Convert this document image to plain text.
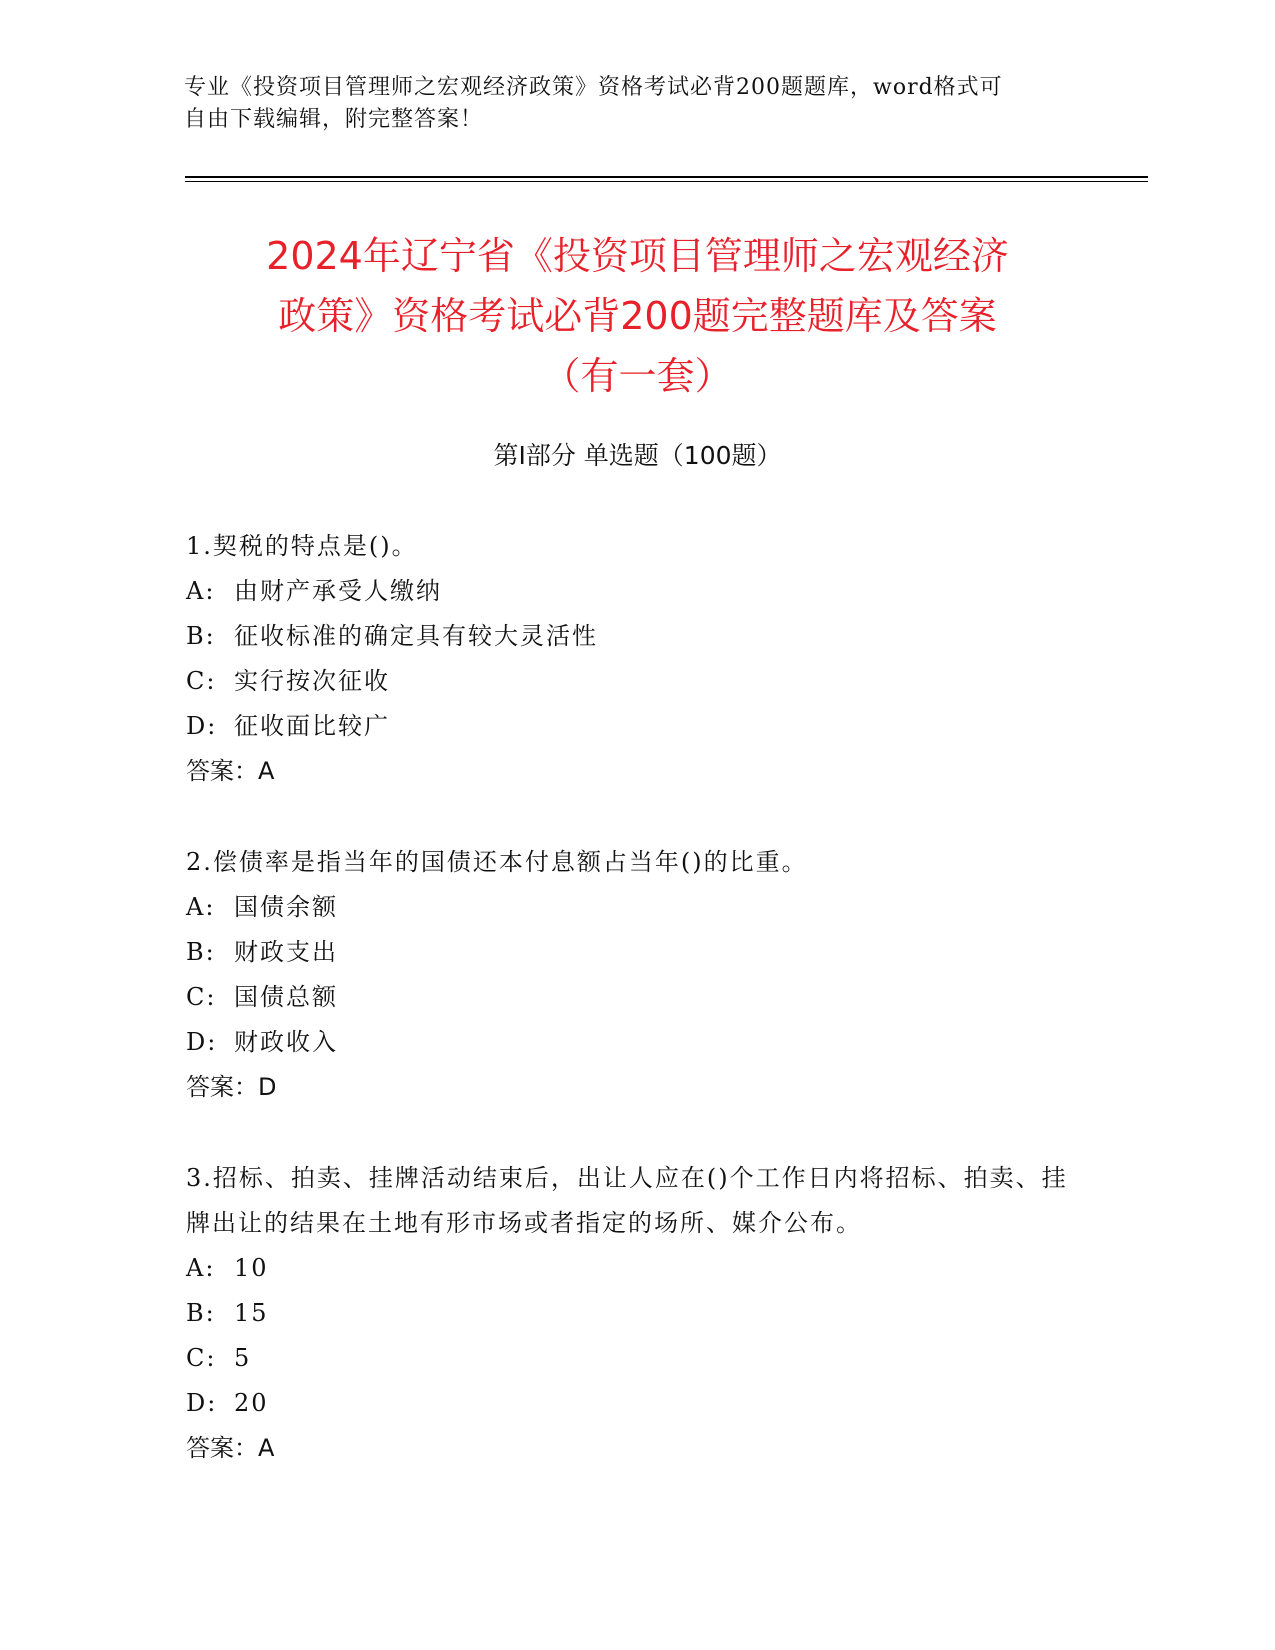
专业《投资项目管理师之宏观经济政策》资格考试必背200题题库，word格式可

自由下载编辑，附完整答案！

2024年辽宁省《投资项目管理师之宏观经济
政策》资格考试必背200题完整题库及答案
（有一套）
第Ⅰ部分 单选题（100题）

1.契税的特点是()。

A: 由财产承受人缴纳

B: 征收标准的确定具有较大灵活性

C: 实行按次征收

D: 征收面比较广

答案：A

2.偿债率是指当年的国债还本付息额占当年()的比重。

A: 国债余额

B: 财政支出

C: 国债总额

D: 财政收入

答案：D

3.招标、拍卖、挂牌活动结束后，出让人应在()个工作日内将招标、拍卖、挂牌出让的结果在土地有形市场或者指定的场所、媒介公布。

A: 10

B: 15

C: 5

D: 20

答案：A
